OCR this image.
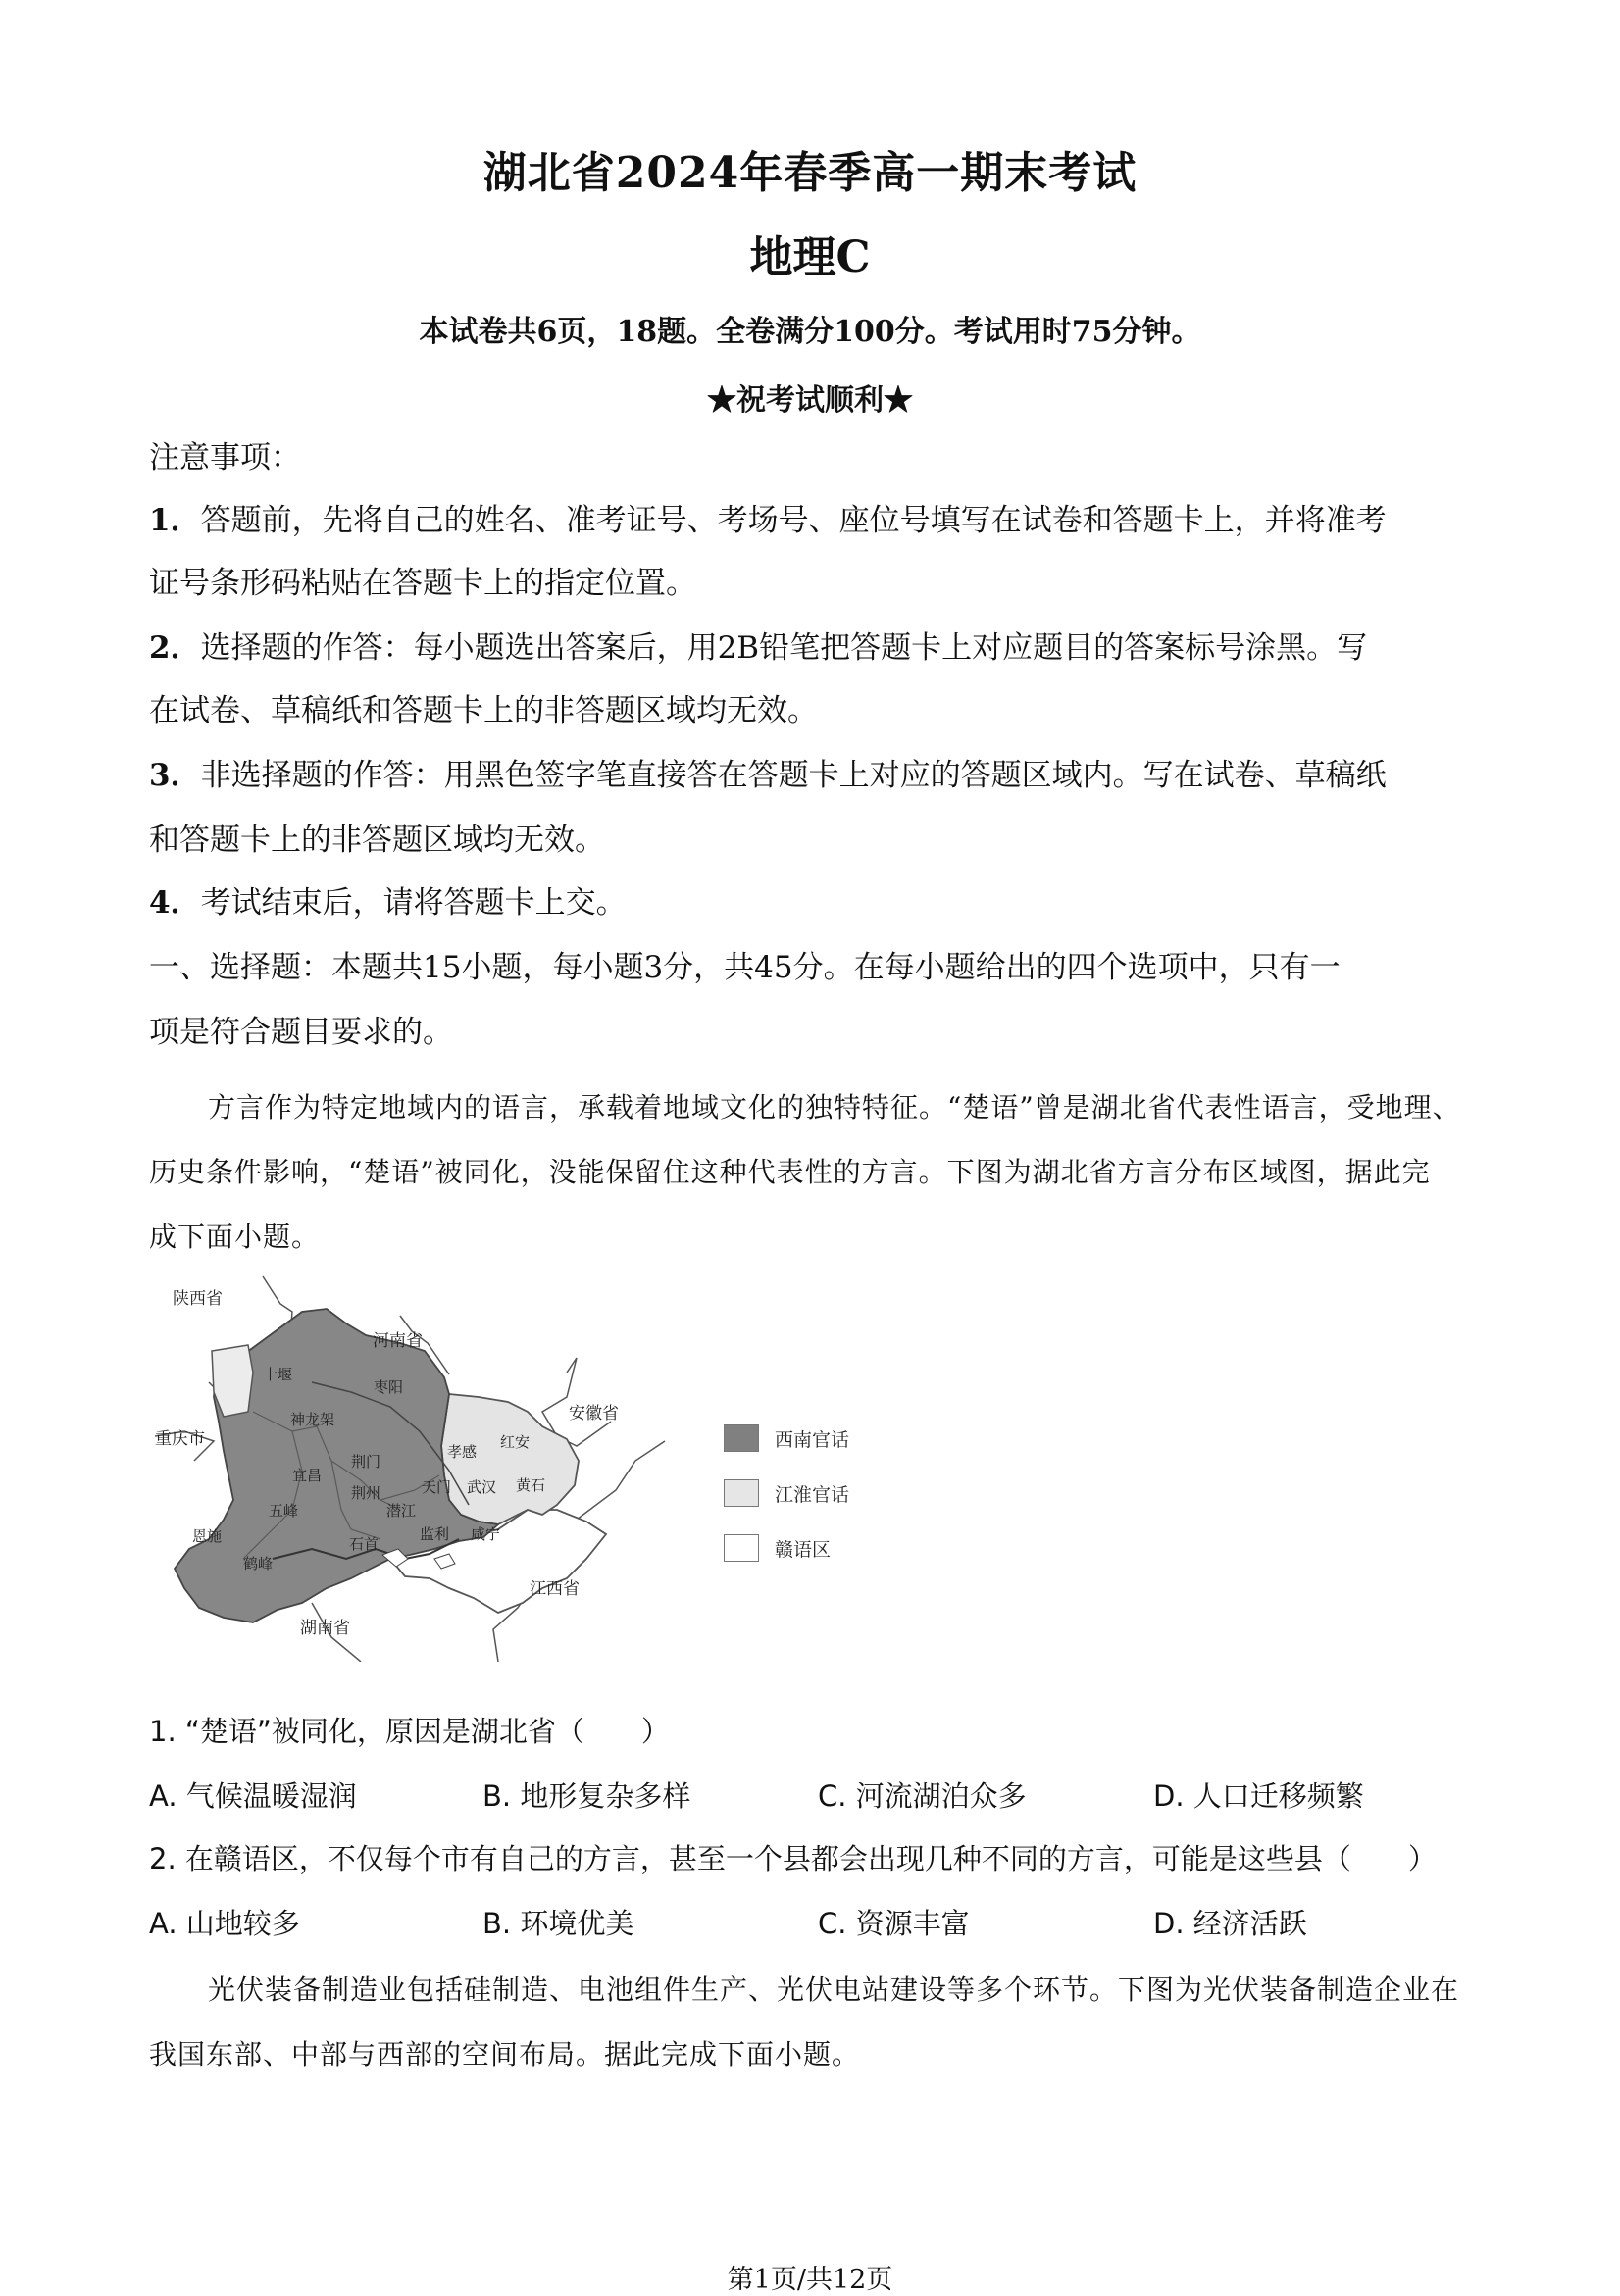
湖北省2024年春季高一期末考试
地理C
本试卷共6页，18题。全卷满分100分。考试用时75分钟。
★祝考试顺利★
注意事项：
1．答题前，先将自己的姓名、准考证号、考场号、座位号填写在试卷和答题卡上，并将准考
证号条形码粘贴在答题卡上的指定位置。
2．选择题的作答：每小题选出答案后，用2B铅笔把答题卡上对应题目的答案标号涂黑。写
在试卷、草稿纸和答题卡上的非答题区域均无效。
3．非选择题的作答：用黑色签字笔直接答在答题卡上对应的答题区域内。写在试卷、草稿纸
和答题卡上的非答题区域均无效。
4．考试结束后，请将答题卡上交。
一、选择题：本题共15小题，每小题3分，共45分。在每小题给出的四个选项中，只有一
项是符合题目要求的。
方言作为特定地域内的语言，承载着地域文化的独特特征。“楚语”曾是湖北省代表性语言，受地理、
历史条件影响，“楚语”被同化，没能保留住这种代表性的方言。下图为湖北省方言分布区域图，据此完
成下面小题。
陕西省
河南省
安徽省
重庆市
湖南省
江西省
十堰
神龙架
枣阳
宜昌
荆门
孝感
红安
黄石
武汉
天门
荆州
潜江
五峰
恩施	咸宁
石首
鹤峰
监利
西南官话
江淮官话
赣语区
1. “楚语”被同化，原因是湖北省（　　）
A. 气候温暖湿润	B. 地形复杂多样	C. 河流湖泊众多	D. 人口迁移频繁
2. 在赣语区，不仅每个市有自己的方言，甚至一个县都会出现几种不同的方言，可能是这些县（　　）
A. 山地较多	B. 环境优美	C. 资源丰富	D. 经济活跃
光伏装备制造业包括硅制造、电池组件生产、光伏电站建设等多个环节。下图为光伏装备制造企业在
我国东部、中部与西部的空间布局。据此完成下面小题。
第1页/共12页
